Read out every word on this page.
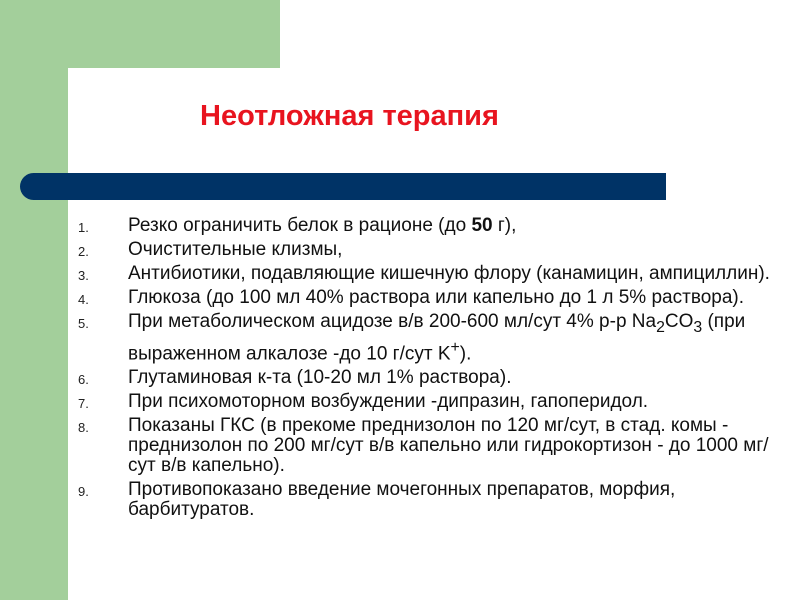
Неотложная терапия
1.	Резко ограничить белок в рационе (до 50 г),
2.	Очистительные клизмы,
3.	Антибиотики, подавляющие кишечную флору (канамицин, ампициллин).
4.	Глюкоза (до 100 мл 40% раствора или капельно до 1 л 5% раствора).
5.	При метаболическом ацидозе в/в 200-600 мл/сут 4% р-р $Na_2CO_3$ (при выраженном алкалозе -до 10 г/сут K+).
6.	Глутаминовая к-та (10-20 мл 1% раствора).
7.	При психомоторном возбуждении -дипразин, гапоперидол.
8.	Показаны ГКС (в прекоме преднизолон по 120 мг/сут, в стад. комы - преднизолон по 200 мг/сут в/в капельно или гидрокортизон - до 1000 мг/сут в/в капельно).
9.	Противопоказано введение мочегонных препаратов, морфия, барбитуратов.
